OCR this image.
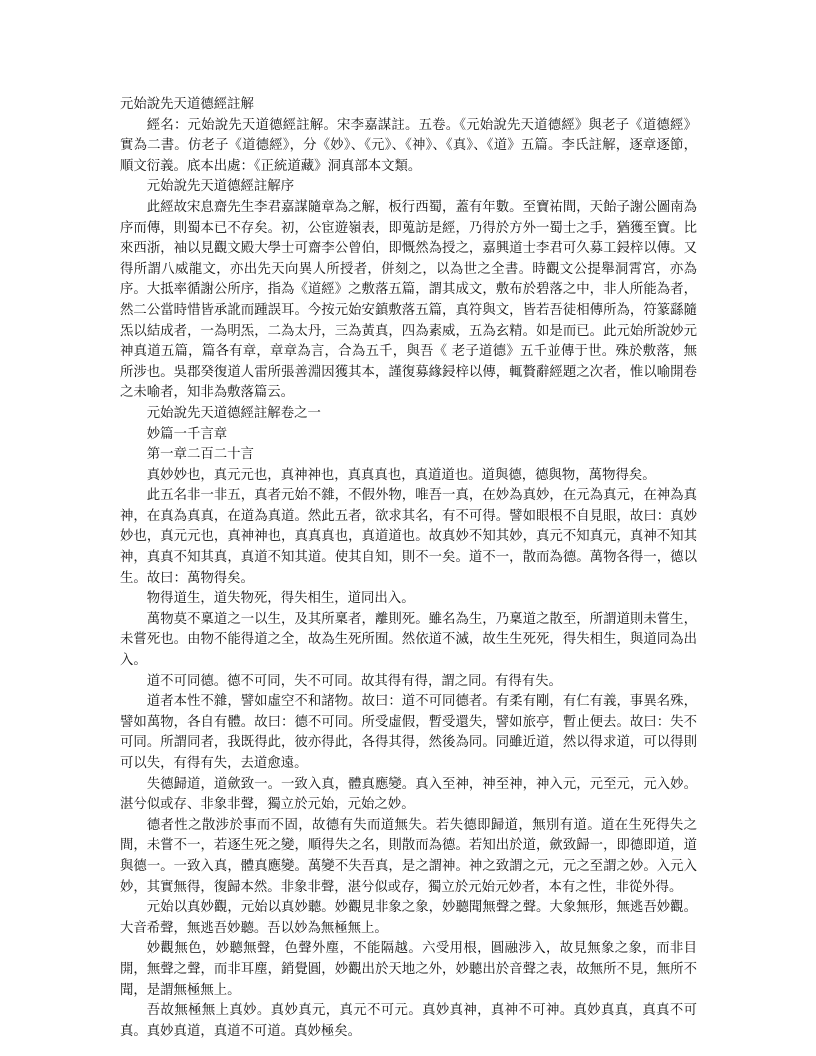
元始說先天道德經註解

經名：元始說先天道德經註解。宋李嘉謀註。五卷。《元始說先天道德經》與老子《道德經》實為二書。仿老子《道德經》，分《妙》、《元》、《神》、《真》、《道》五篇。李氏註解，逐章逐節，順文衍義。底本出處：《正統道藏》洞真部本文類。

元始說先天道德經註解序

此經故宋息齋先生李君嘉謀隨章為之解，板行西蜀，蓋有年數。至寶祐間，天飴子謝公圖南為序而傳，則蜀本已不存矣。初，公宦遊嶺表，即蒐訪是經，乃得於方外一蜀士之手，猶獲至寶。比來西浙，袖以見觀文殿大學士可齋李公曾伯，即慨然為授之，嘉興道士李君可久募工鋟梓以傳。又得所謂八威龍文，亦出先天向異人所授者，併刻之，以為世之全書。時觀文公提舉洞霄宮，亦為序。大抵率循謝公所序，指為《道經》之敷落五篇，謂其成文，敷布於碧落之中，非人所能為者，然二公當時惜皆承訛而踵誤耳。今按元始安鎮敷落五篇，真符與文，皆若吾徒相傳所為，符篆繇隨炁以結成者，一為明炁，二為太丹，三為黃真，四為素威，五為玄精。如是而已。此元始所說妙元神真道五篇，篇各有章，章章為言，合為五千，與吾《 老子道德》五千並傳于世。殊於敷落，無所涉也。吳郡癸復道人雷所張善淵因獲其本，謹復募緣鋟梓以傳，輒贅辭經題之次者，惟以喻開卷之未喻者，知非為敷落篇云。

元始說先天道德經註解卷之一

妙篇一千言章

第一章二百二十言

真妙妙也，真元元也，真神神也，真真真也，真道道也。道與德，德與物，萬物得矣。

此五名非一非五，真者元始不雜，不假外物，唯吾一真，在妙為真妙，在元為真元，在神為真神，在真為真真，在道為真道。然此五者，欲求其名，有不可得。譬如眼根不自見眼，故曰：真妙妙也，真元元也，真神神也，真真真也，真道道也。故真妙不知其妙，真元不知真元，真神不知其神，真真不知其真，真道不知其道。使其自知，則不一矣。道不一，散而為德。萬物各得一，德以生。故曰：萬物得矣。

物得道生，道失物死，得失相生，道同出入。

萬物莫不稟道之一以生，及其所稟者，離則死。雖名為生，乃稟道之散至，所謂道則未嘗生，未嘗死也。由物不能得道之全，故為生死所囿。然依道不滅，故生生死死，得失相生，與道同為出入。

道不可同德。德不可同，失不可同。故其得有得，謂之同。有得有失。

道者本性不雜，譬如虛空不和諸物。故曰：道不可同德者。有柔有剛，有仁有義，事異名殊，譬如萬物，各自有體。故曰：德不可同。所受虛假，暫受還失，譬如旅亭，暫止便去。故曰：失不可同。所謂同者，我既得此，彼亦得此，各得其得，然後為同。同雖近道，然以得求道，可以得則可以失，有得有失，去道愈遠。

失德歸道，道歛致一。一致入真，體真應變。真入至神，神至神，神入元，元至元，元入妙。湛兮似或存、非象非聲，獨立於元始，元始之妙。

德者性之散涉於事而不固，故德有失而道無失。若失德即歸道，無別有道。道在生死得失之間，未嘗不一，若逐生死之變，順得失之名，則散而為德。若知出於道，歛致歸一，即德即道，道與德一。一致入真，體真應變。萬變不失吾真，是之謂神。神之致謂之元，元之至謂之妙。入元入妙，其實無得，復歸本然。非象非聲，湛兮似或存，獨立於元始元妙者，本有之性，非從外得。

元始以真妙觀，元始以真妙聽。妙觀見非象之象，妙聽聞無聲之聲。大象無形，無逃吾妙觀。大音希聲，無逃吾妙聽。吾以妙為無極無上。

妙觀無色，妙聽無聲，色聲外塵，不能隔越。六受用根，圓融涉入，故見無象之象，而非目開，無聲之聲，而非耳塵，銷覺圓，妙觀出於天地之外，妙聽出於音聲之表，故無所不見，無所不聞，是謂無極無上。

吾故無極無上真妙。真妙真元，真元不可元。真妙真神，真神不可神。真妙真真，真真不可真。真妙真道，真道不可道。真妙極矣。
